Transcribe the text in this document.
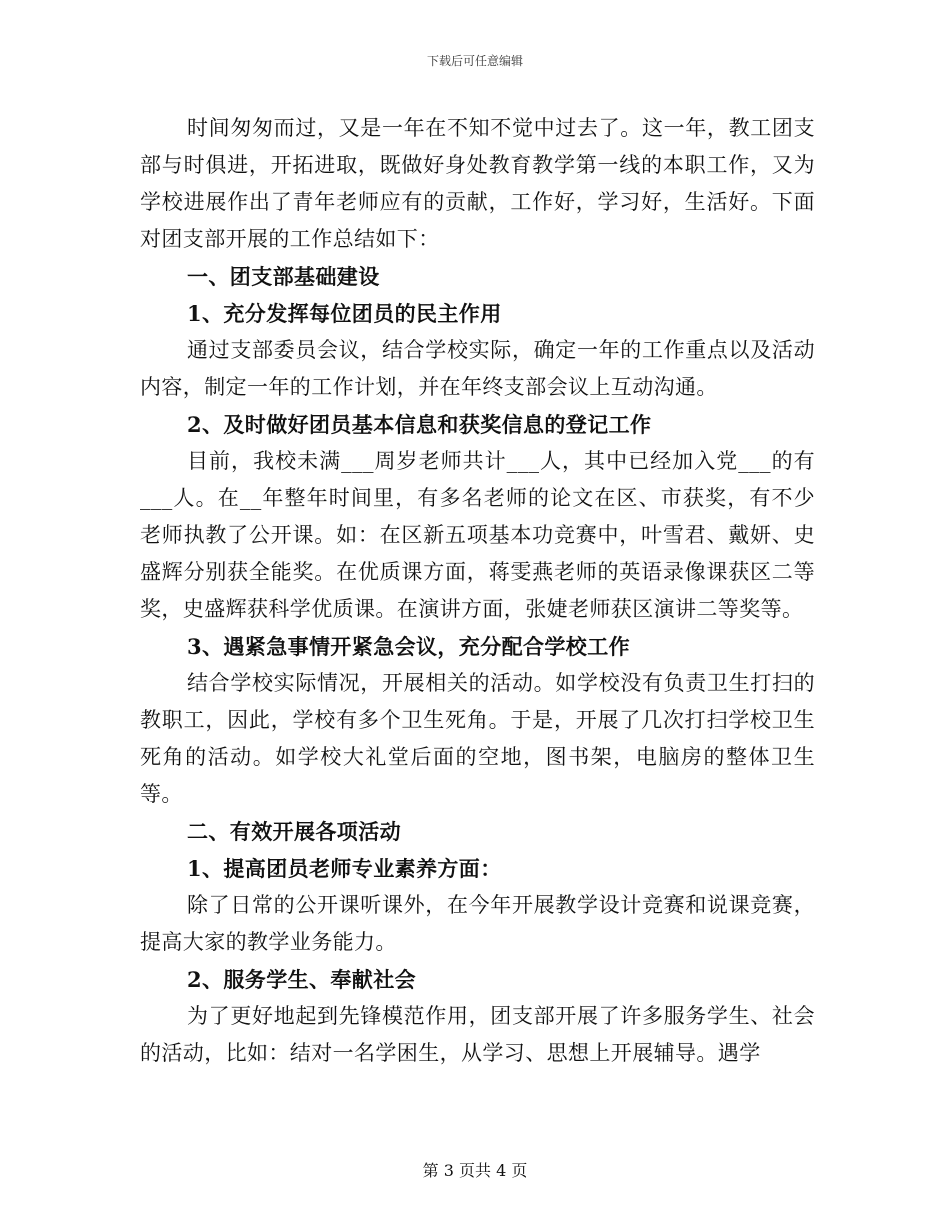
下载后可任意编辑

时间匆匆而过，又是一年在不知不觉中过去了。这一年，教工团支部与时俱进，开拓进取，既做好身处教育教学第一线的本职工作，又为学校进展作出了青年老师应有的贡献，工作好，学习好，生活好。下面对团支部开展的工作总结如下：

一、团支部基础建设

1、充分发挥每位团员的民主作用

通过支部委员会议，结合学校实际，确定一年的工作重点以及活动内容，制定一年的工作计划，并在年终支部会议上互动沟通。

2、及时做好团员基本信息和获奖信息的登记工作

目前，我校未满___周岁老师共计___人，其中已经加入党___的有___人。在__年整年时间里，有多名老师的论文在区、市获奖，有不少老师执教了公开课。如：在区新五项基本功竞赛中，叶雪君、戴妍、史盛辉分别获全能奖。在优质课方面，蒋雯燕老师的英语录像课获区二等奖，史盛辉获科学优质课。在演讲方面，张婕老师获区演讲二等奖等。

3、遇紧急事情开紧急会议，充分配合学校工作

结合学校实际情况，开展相关的活动。如学校没有负责卫生打扫的教职工，因此，学校有多个卫生死角。于是，开展了几次打扫学校卫生死角的活动。如学校大礼堂后面的空地，图书架，电脑房的整体卫生等。

二、有效开展各项活动

1、提高团员老师专业素养方面：

除了日常的公开课听课外，在今年开展教学设计竞赛和说课竞赛，提高大家的教学业务能力。

2、服务学生、奉献社会

为了更好地起到先锋模范作用，团支部开展了许多服务学生、社会的活动，比如：结对一名学困生，从学习、思想上开展辅导。遇学

第 3 页共 4 页
